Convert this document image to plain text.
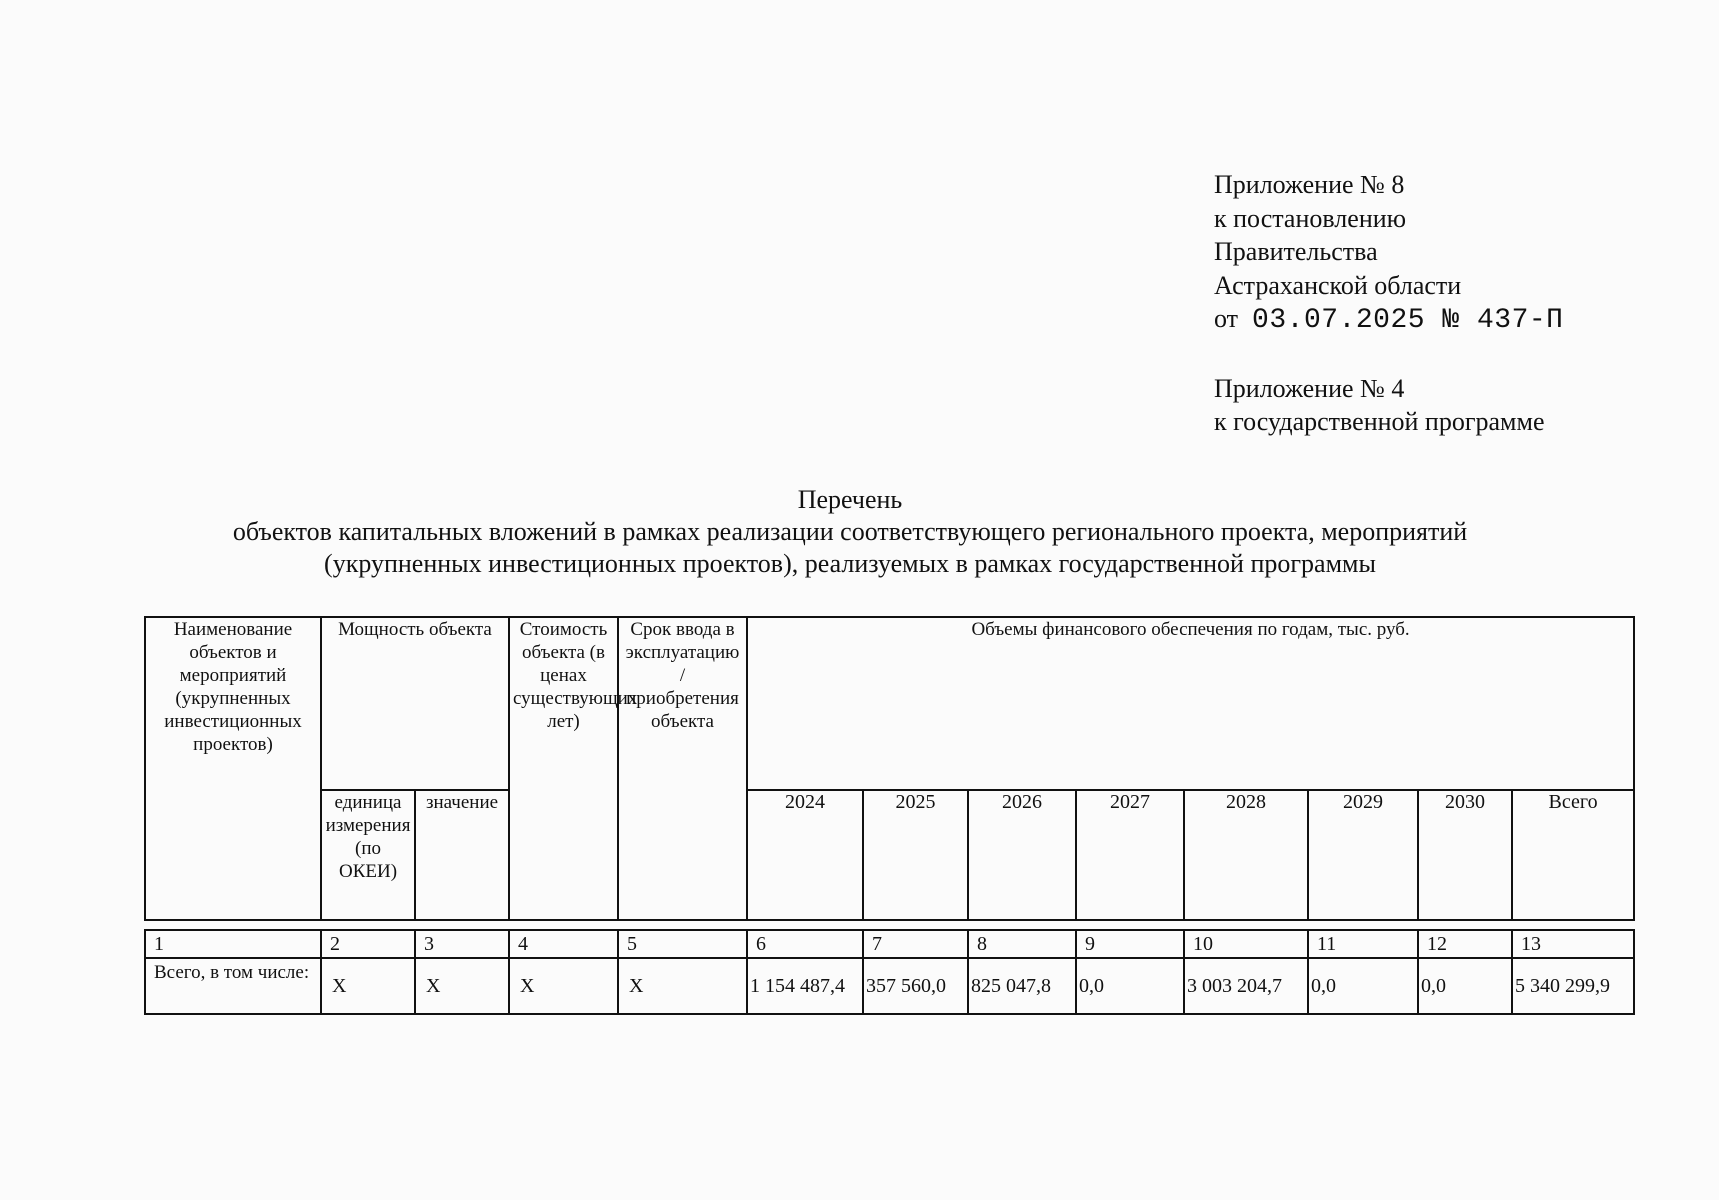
Приложение № 8
к постановлению
Правительства
Астраханской области
от 03.07.2025 № 437-П
Приложение № 4
к государственной программе
Перечень
объектов капитальных вложений в рамках реализации соответствующего регионального проекта, мероприятий
(укрупненных инвестиционных проектов), реализуемых в рамках государственной программы
Наименование объектов и мероприятий (укрупненных инвестиционных проектов)	Мощность объекта		Стоимость объекта (в ценах существующих лет)	Срок ввода в эксплуатацию / приобретения объекта	Объемы финансового обеспечения по годам, тыс. руб.							
	единица измерения (по ОКЕИ)	значение			2024	2025	2026	2027	2028	2029	2030	Всего

1	2	3	4	5	6	7	8	9	10	11	12	13
Всего, в том числе:	X	X	X	X	1 154 487,4	357 560,0	825 047,8	0,0	3 003 204,7	0,0	0,0	5 340 299,9
